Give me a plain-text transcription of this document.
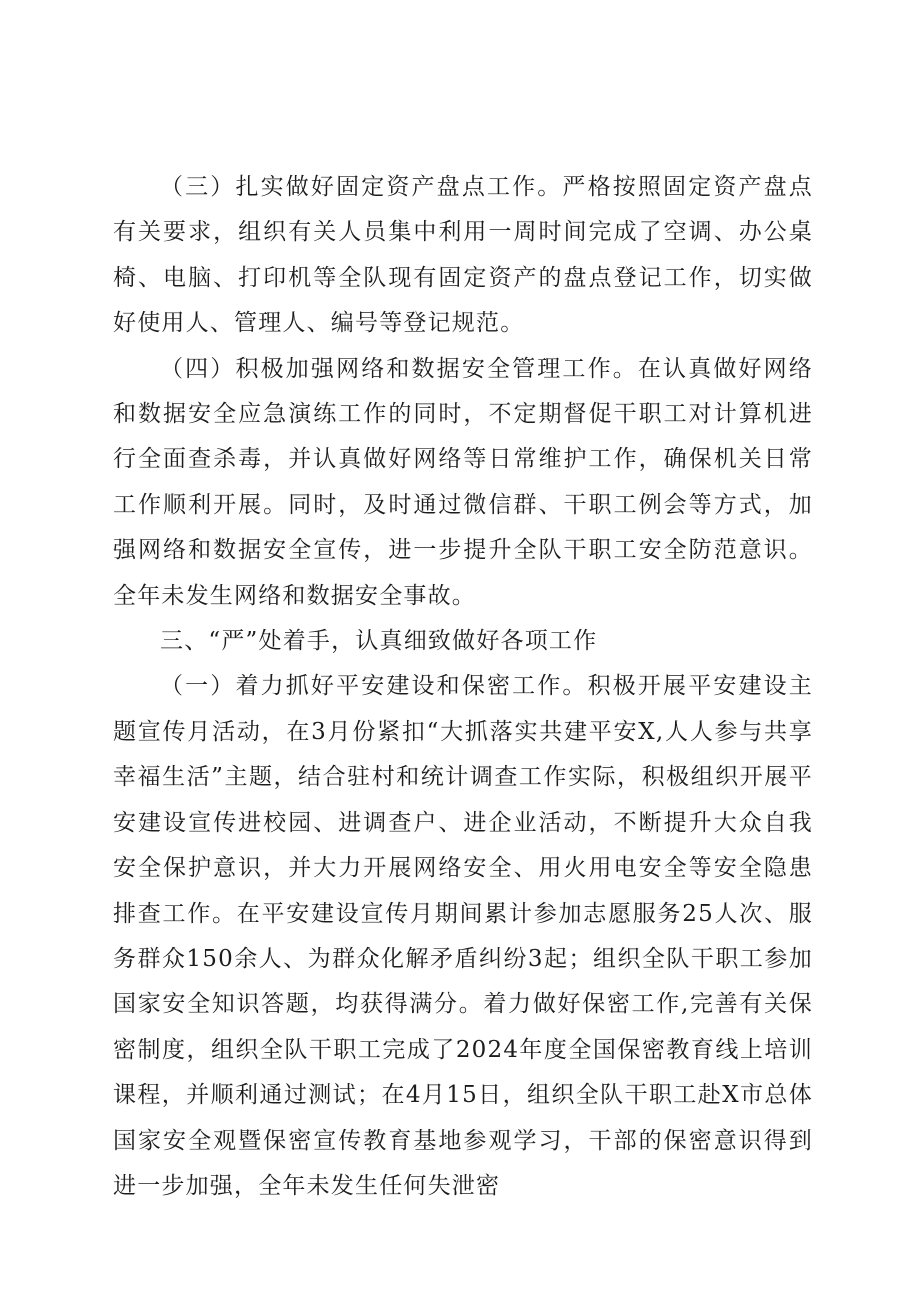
（三）扎实做好固定资产盘点工作。严格按照固定资产盘点有关要求，组织有关人员集中利用一周时间完成了空调、办公桌椅、电脑、打印机等全队现有固定资产的盘点登记工作，切实做好使用人、管理人、编号等登记规范。

（四）积极加强网络和数据安全管理工作。在认真做好网络和数据安全应急演练工作的同时，不定期督促干职工对计算机进行全面查杀毒，并认真做好网络等日常维护工作，确保机关日常工作顺利开展。同时，及时通过微信群、干职工例会等方式，加强网络和数据安全宣传，进一步提升全队干职工安全防范意识。全年未发生网络和数据安全事故。

三、“严”处着手，认真细致做好各项工作

（一）着力抓好平安建设和保密工作。积极开展平安建设主题宣传月活动，在3月份紧扣“大抓落实共建平安X,人人参与共享幸福生活”主题，结合驻村和统计调查工作实际，积极组织开展平安建设宣传进校园、进调查户、进企业活动，不断提升大众自我安全保护意识，并大力开展网络安全、用火用电安全等安全隐患排查工作。在平安建设宣传月期间累计参加志愿服务25人次、服务群众150余人、为群众化解矛盾纠纷3起；组织全队干职工参加国家安全知识答题，均获得满分。着力做好保密工作,完善有关保密制度，组织全队干职工完成了2024年度全国保密教育线上培训课程，并顺利通过测试；在4月15日，组织全队干职工赴X市总体国家安全观暨保密宣传教育基地参观学习，干部的保密意识得到进一步加强，全年未发生任何失泄密
